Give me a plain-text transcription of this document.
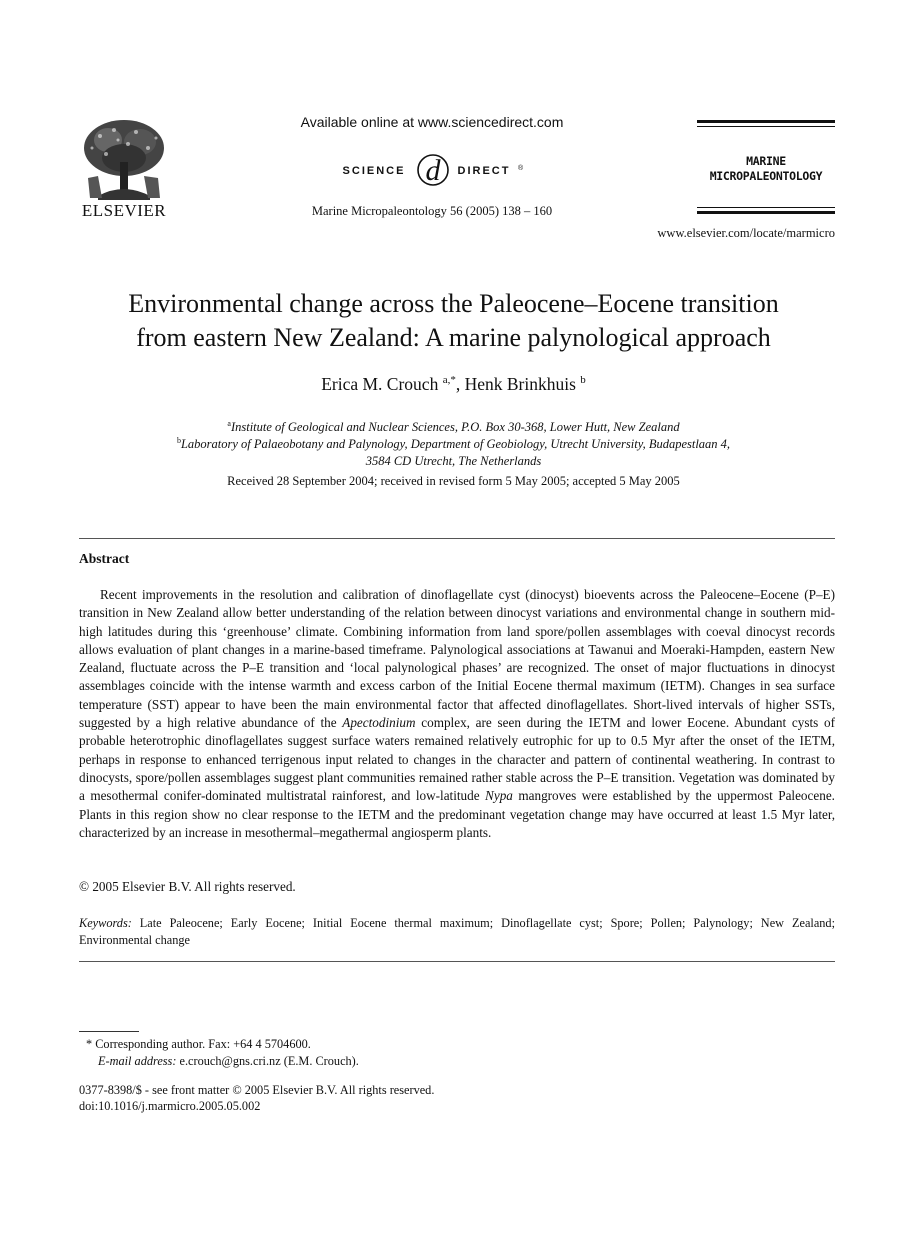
ELSEVIER
Available online at www.sciencedirect.com
SCIENCE d DIRECT ®
Marine Micropaleontology 56 (2005) 138 – 160
MARINE
MICROPALEONTOLOGY
www.elsevier.com/locate/marmicro
Environmental change across the Paleocene–Eocene transition
from eastern New Zealand: A marine palynological approach
Erica M. Crouch $^{a,*}$, Henk Brinkhuis $^b$
$^a$Institute of Geological and Nuclear Sciences, P.O. Box 30-368, Lower Hutt, New Zealand
$^b$Laboratory of Palaeobotany and Palynology, Department of Geobiology, Utrecht University, Budapestlaan 4,
3584 CD Utrecht, The Netherlands
Received 28 September 2004; received in revised form 5 May 2005; accepted 5 May 2005
Abstract

Recent improvements in the resolution and calibration of dinoflagellate cyst (dinocyst) bioevents across the Paleocene–Eocene (P–E) transition in New Zealand allow better understanding of the relation between dinocyst variations and environmental change in southern mid-high latitudes during this ‘greenhouse’ climate. Combining information from land spore/pollen assemblages with coeval dinocyst records allows evaluation of plant changes in a marine-based timeframe. Palynological associations at Tawanui and Moeraki-Hampden, eastern New Zealand, fluctuate across the P–E transition and ‘local palynological phases’ are recognized. The onset of major fluctuations in dinocyst assemblages coincide with the intense warmth and excess carbon of the Initial Eocene thermal maximum (IETM). Changes in sea surface temperature (SST) appear to have been the main environmental factor that affected dinoflagellates. Short-lived intervals of higher SSTs, suggested by a high relative abundance of the Apectodinium complex, are seen during the IETM and lower Eocene. Abundant cysts of probable heterotrophic dinoflagellates suggest surface waters remained relatively eutrophic for up to 0.5 Myr after the onset of the IETM, perhaps in response to enhanced terrigenous input related to changes in the character and pattern of continental weathering. In contrast to dinocysts, spore/pollen assemblages suggest plant communities remained rather stable across the P–E transition. Vegetation was dominated by a mesothermal conifer-dominated multistratal rainforest, and low-latitude Nypa mangroves were established by the uppermost Paleocene. Plants in this region show no clear response to the IETM and the predominant vegetation change may have occurred at least 1.5 Myr later, characterized by an increase in mesothermal–megathermal angiosperm plants.

© 2005 Elsevier B.V. All rights reserved.

Keywords: Late Paleocene; Early Eocene; Initial Eocene thermal maximum; Dinoflagellate cyst; Spore; Pollen; Palynology; New Zealand; Environmental change

* Corresponding author. Fax: +64 4 5704600.
E-mail address: e.crouch@gns.cri.nz (E.M. Crouch).
0377-8398/$ - see front matter © 2005 Elsevier B.V. All rights reserved.
doi:10.1016/j.marmicro.2005.05.002
